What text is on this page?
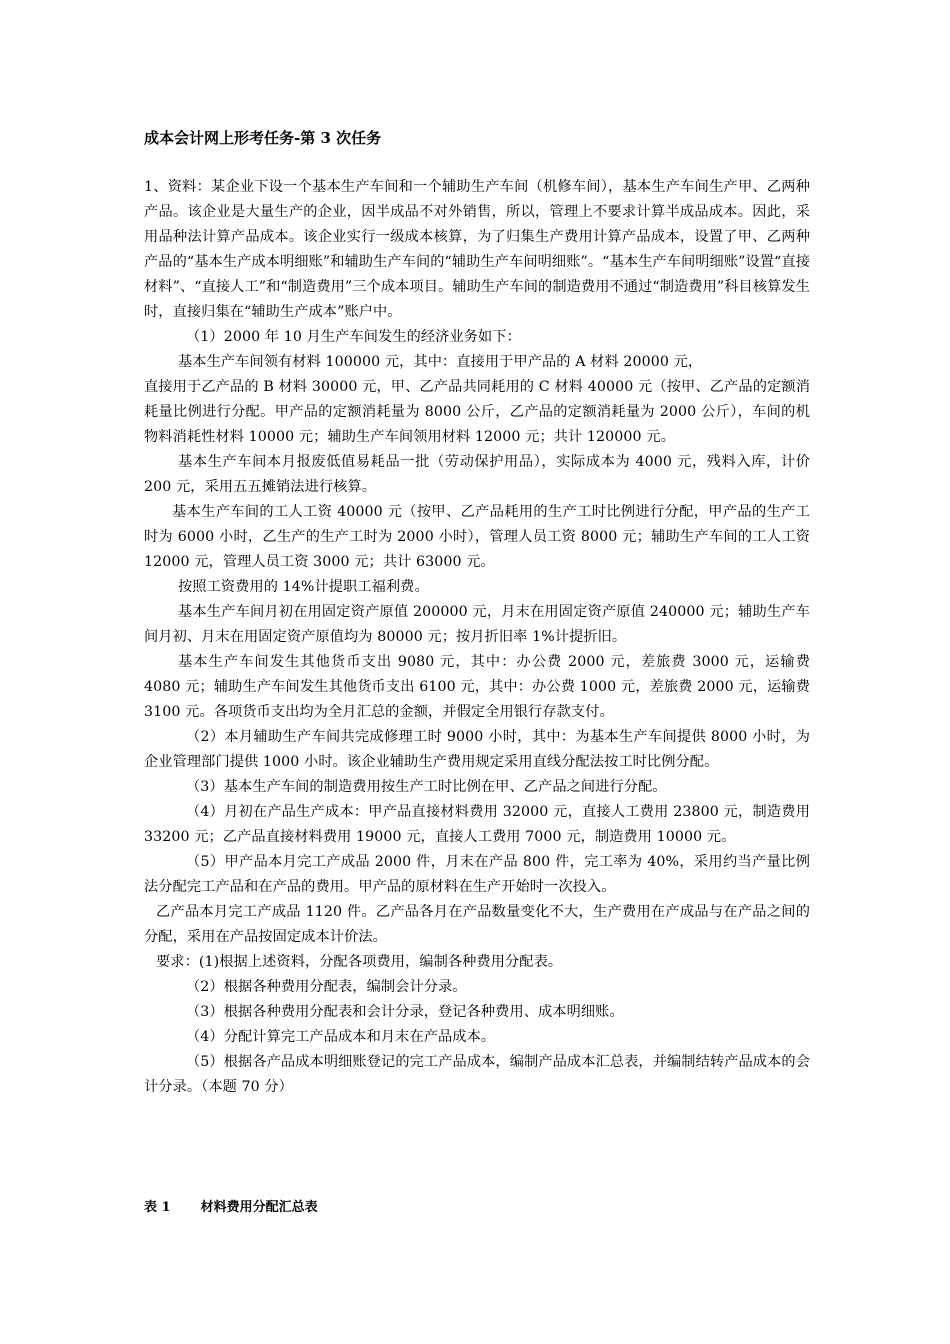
成本会计网上形考任务-第 3 次任务

1、资料：某企业下设一个基本生产车间和一个辅助生产车间（机修车间），基本生产车间生产甲、乙两种产品。该企业是大量生产的企业，因半成品不对外销售，所以，管理上不要求计算半成品成本。因此，采用品种法计算产品成本。该企业实行一级成本核算，为了归集生产费用计算产品成本，设置了甲、乙两种产品的“基本生产成本明细账”和辅助生产车间的“辅助生产车间明细账”。“基本生产车间明细账”设置“直接材料”、“直接人工”和“制造费用”三个成本项目。辅助生产车间的制造费用不通过“制造费用”科目核算发生时，直接归集在“辅助生产成本”账户中。

（1）2000 年 10 月生产车间发生的经济业务如下：

基本生产车间领有材料 100000 元，其中：直接用于甲产品的 A 材料 20000 元，

直接用于乙产品的 B 材料 30000 元，甲、乙产品共同耗用的 C 材料 40000 元（按甲、乙产品的定额消耗量比例进行分配。甲产品的定额消耗量为 8000 公斤，乙产品的定额消耗量为 2000 公斤），车间的机物料消耗性材料 10000 元；辅助生产车间领用材料 12000 元；共计 120000 元。

基本生产车间本月报废低值易耗品一批（劳动保护用品），实际成本为 4000 元，残料入库，计价 200 元，采用五五摊销法进行核算。

基本生产车间的工人工资 40000 元（按甲、乙产品耗用的生产工时比例进行分配，甲产品的生产工时为 6000 小时，乙生产的生产工时为 2000 小时），管理人员工资 8000 元；辅助生产车间的工人工资 12000 元，管理人员工资 3000 元；共计 63000 元。

按照工资费用的 14%计提职工福利费。

基本生产车间月初在用固定资产原值 200000 元，月末在用固定资产原值 240000 元；辅助生产车间月初、月末在用固定资产原值均为 80000 元；按月折旧率 1%计提折旧。

基本生产车间发生其他货币支出 9080 元，其中：办公费 2000 元，差旅费 3000 元，运输费 4080 元；辅助生产车间发生其他货币支出 6100 元，其中：办公费 1000 元，差旅费 2000 元，运输费 3100 元。各项货币支出均为全月汇总的金额，并假定全用银行存款支付。

（2）本月辅助生产车间共完成修理工时 9000 小时，其中：为基本生产车间提供 8000 小时，为企业管理部门提供 1000 小时。该企业辅助生产费用规定采用直线分配法按工时比例分配。

（3）基本生产车间的制造费用按生产工时比例在甲、乙产品之间进行分配。

（4）月初在产品生产成本：甲产品直接材料费用 32000 元，直接人工费用 23800 元，制造费用 33200 元；乙产品直接材料费用 19000 元，直接人工费用 7000 元，制造费用 10000 元。

（5）甲产品本月完工产成品 2000 件，月末在产品 800 件，完工率为 40%，采用约当产量比例法分配完工产品和在产品的费用。甲产品的原材料在生产开始时一次投入。

乙产品本月完工产成品 1120 件。乙产品各月在产品数量变化不大，生产费用在产成品与在产品之间的分配，采用在产品按固定成本计价法。

要求：(1)根据上述资料，分配各项费用，编制各种费用分配表。

（2）根据各种费用分配表，编制会计分录。

（3）根据各种费用分配表和会计分录，登记各种费用、成本明细账。

（4）分配计算完工产品成本和月末在产品成本。

（5）根据各产品成本明细账登记的完工产品成本，编制产品成本汇总表，并编制结转产品成本的会计分录。（本题 70 分）

表 1 材料费用分配汇总表
